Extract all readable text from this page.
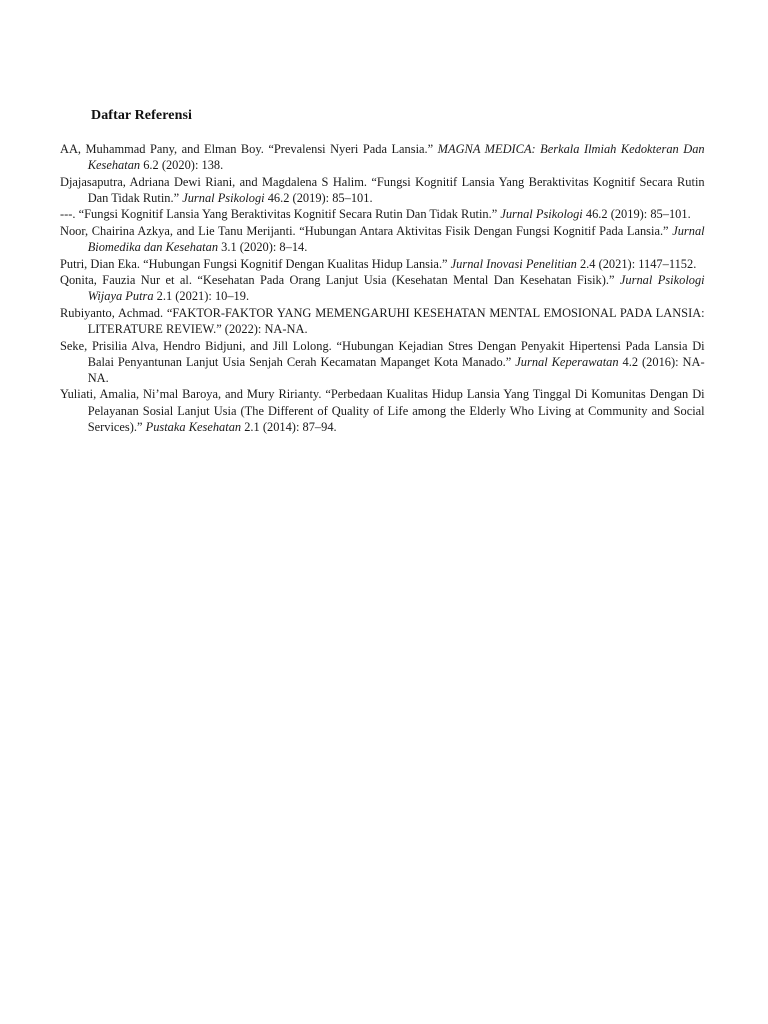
Daftar Referensi
AA, Muhammad Pany, and Elman Boy. “Prevalensi Nyeri Pada Lansia.” MAGNA MEDICA: Berkala Ilmiah Kedokteran Dan Kesehatan 6.2 (2020): 138.
Djajasaputra, Adriana Dewi Riani, and Magdalena S Halim. “Fungsi Kognitif Lansia Yang Beraktivitas Kognitif Secara Rutin Dan Tidak Rutin.” Jurnal Psikologi 46.2 (2019): 85–101.
---. “Fungsi Kognitif Lansia Yang Beraktivitas Kognitif Secara Rutin Dan Tidak Rutin.” Jurnal Psikologi 46.2 (2019): 85–101.
Noor, Chairina Azkya, and Lie Tanu Merijanti. “Hubungan Antara Aktivitas Fisik Dengan Fungsi Kognitif Pada Lansia.” Jurnal Biomedika dan Kesehatan 3.1 (2020): 8–14.
Putri, Dian Eka. “Hubungan Fungsi Kognitif Dengan Kualitas Hidup Lansia.” Jurnal Inovasi Penelitian 2.4 (2021): 1147–1152.
Qonita, Fauzia Nur et al. “Kesehatan Pada Orang Lanjut Usia (Kesehatan Mental Dan Kesehatan Fisik).” Jurnal Psikologi Wijaya Putra 2.1 (2021): 10–19.
Rubiyanto, Achmad. “FAKTOR-FAKTOR YANG MEMENGARUHI KESEHATAN MENTAL EMOSIONAL PADA LANSIA: LITERATURE REVIEW.” (2022): NA-NA.
Seke, Prisilia Alva, Hendro Bidjuni, and Jill Lolong. “Hubungan Kejadian Stres Dengan Penyakit Hipertensi Pada Lansia Di Balai Penyantunan Lanjut Usia Senjah Cerah Kecamatan Mapanget Kota Manado.” Jurnal Keperawatan 4.2 (2016): NA-NA.
Yuliati, Amalia, Ni’mal Baroya, and Mury Ririanty. “Perbedaan Kualitas Hidup Lansia Yang Tinggal Di Komunitas Dengan Di Pelayanan Sosial Lanjut Usia (The Different of Quality of Life among the Elderly Who Living at Community and Social Services).” Pustaka Kesehatan 2.1 (2014): 87–94.
